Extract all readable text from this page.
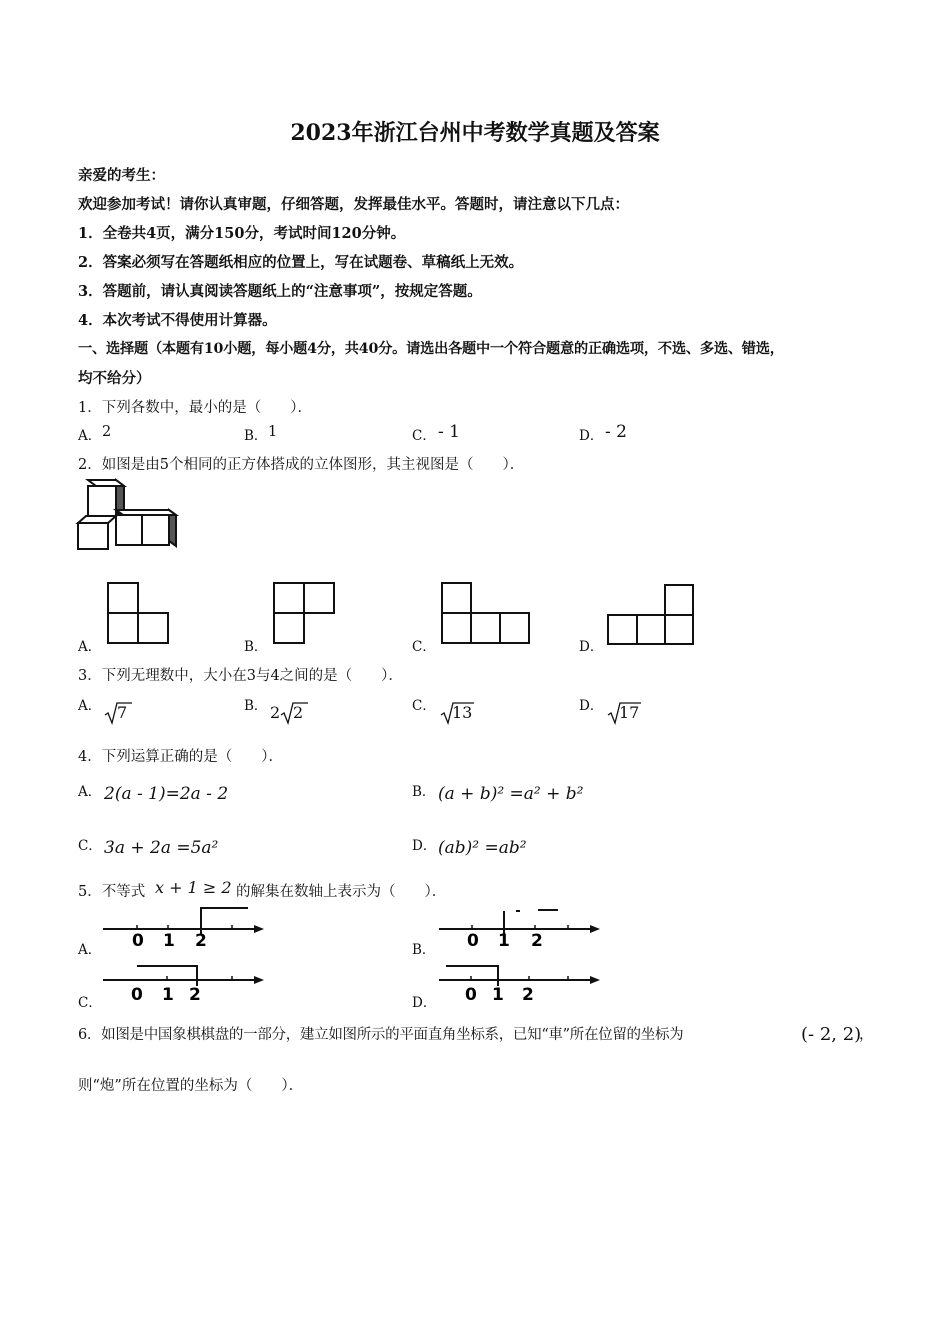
2023年浙江台州中考数学真题及答案
亲爱的考生：
欢迎参加考试！请你认真审题，仔细答题，发挥最佳水平。答题时，请注意以下几点：
1．全卷共4页，满分150分，考试时间120分钟。
2．答案必须写在答题纸相应的位置上，写在试题卷、草稿纸上无效。
3．答题前，请认真阅读答题纸上的“注意事项”，按规定答题。
4．本次考试不得使用计算器。
一、选择题（本题有10小题，每小题4分，共40分。请选出各题中一个符合题意的正确选项，不选、多选、错选，
均不给分）
1．下列各数中，最小的是（　　）．
A． 2	B． 1	C． - 1	D． - 2
2．如图是由5个相同的正方体搭成的立体图形，其主视图是（　　）．
A．	B．	C．	D．
3．下列无理数中，大小在3与4之间的是（　　）．
A． 7	B． 2 2	C． 13	D． 17
4．下列运算正确的是（　　）．
A． 2(a - 1)=2a - 2	B． (a + b)² =a² + b²
C． 3a + 2a =5a²	D． (ab)² =ab²
5．不等式 x + 1 ≥ 2 的解集在数轴上表示为（　　）．
A． 0 1 2	B． 0 1 2
C． 0 1 2	D． 0 1 2
6．如图是中国象棋棋盘的一部分，建立如图所示的平面直角坐标系，已知“車”所在位留的坐标为	(- 2, 2)
，
则“炮”所在位置的坐标为（　　）．
